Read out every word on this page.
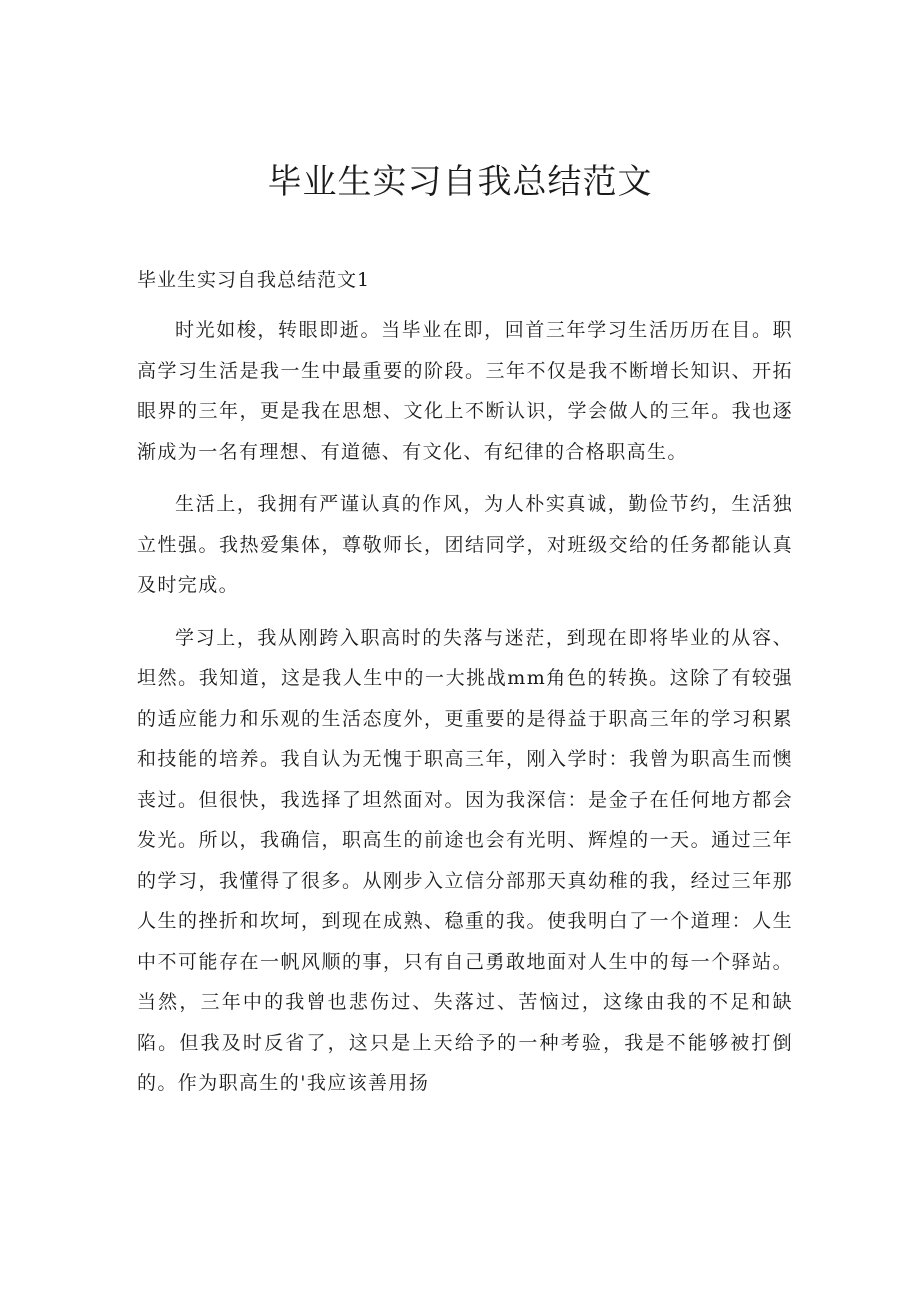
毕业生实习自我总结范文

毕业生实习自我总结范文1

时光如梭，转眼即逝。当毕业在即，回首三年学习生活历历在目。职高学习生活是我一生中最重要的阶段。三年不仅是我不断增长知识、开拓眼界的三年，更是我在思想、文化上不断认识，学会做人的三年。我也逐渐成为一名有理想、有道德、有文化、有纪律的合格职高生。

生活上，我拥有严谨认真的作风，为人朴实真诚，勤俭节约，生活独立性强。我热爱集体，尊敬师长，团结同学，对班级交给的任务都能认真及时完成。

学习上，我从刚跨入职高时的失落与迷茫，到现在即将毕业的从容、坦然。我知道，这是我人生中的一大挑战mm角色的转换。这除了有较强的适应能力和乐观的生活态度外，更重要的是得益于职高三年的学习积累和技能的培养。我自认为无愧于职高三年，刚入学时：我曾为职高生而懊丧过。但很快，我选择了坦然面对。因为我深信：是金子在任何地方都会发光。所以，我确信，职高生的前途也会有光明、辉煌的一天。通过三年的学习，我懂得了很多。从刚步入立信分部那天真幼稚的我，经过三年那人生的挫折和坎坷，到现在成熟、稳重的我。使我明白了一个道理：人生中不可能存在一帆风顺的事，只有自己勇敢地面对人生中的每一个驿站。当然，三年中的我曾也悲伤过、失落过、苦恼过，这缘由我的不足和缺陷。但我及时反省了，这只是上天给予的一种考验，我是不能够被打倒的。作为职高生的'我应该善用扬
